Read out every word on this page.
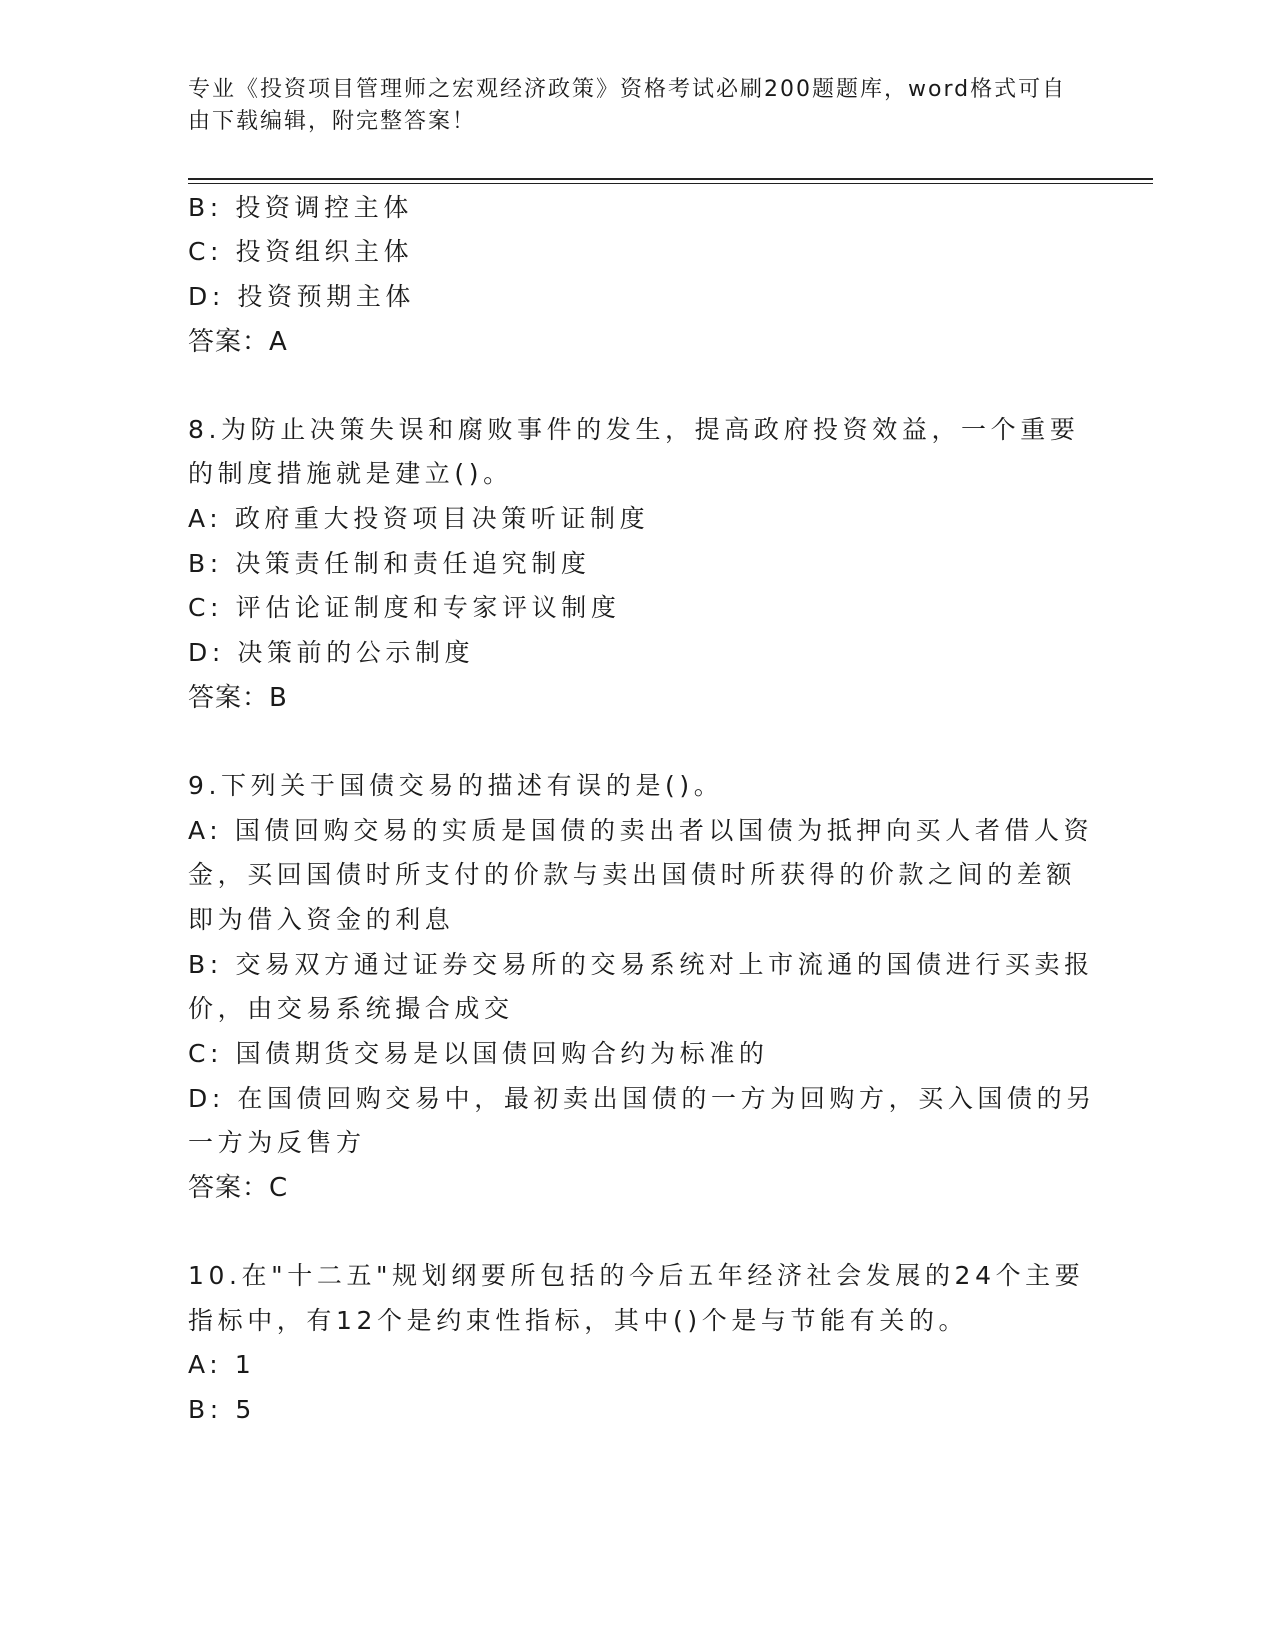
专业《投资项目管理师之宏观经济政策》资格考试必刷200题题库，word格式可自由下载编辑，附完整答案！
B: 投资调控主体
C: 投资组织主体
D: 投资预期主体
答案：A
8.为防止决策失误和腐败事件的发生，提高政府投资效益，一个重要
的制度措施就是建立()。
A: 政府重大投资项目决策听证制度
B: 决策责任制和责任追究制度
C: 评估论证制度和专家评议制度
D: 决策前的公示制度
答案：B
9.下列关于国债交易的描述有误的是()。
A: 国债回购交易的实质是国债的卖出者以国债为抵押向买人者借人资
金，买回国债时所支付的价款与卖出国债时所获得的价款之间的差额
即为借入资金的利息
B: 交易双方通过证券交易所的交易系统对上市流通的国债进行买卖报
价，由交易系统撮合成交
C: 国债期货交易是以国债回购合约为标准的
D: 在国债回购交易中，最初卖出国债的一方为回购方，买入国债的另
一方为反售方
答案：C
10.在"十二五"规划纲要所包括的今后五年经济社会发展的24个主要
指标中，有12个是约束性指标，其中()个是与节能有关的。
A: 1
B: 5
